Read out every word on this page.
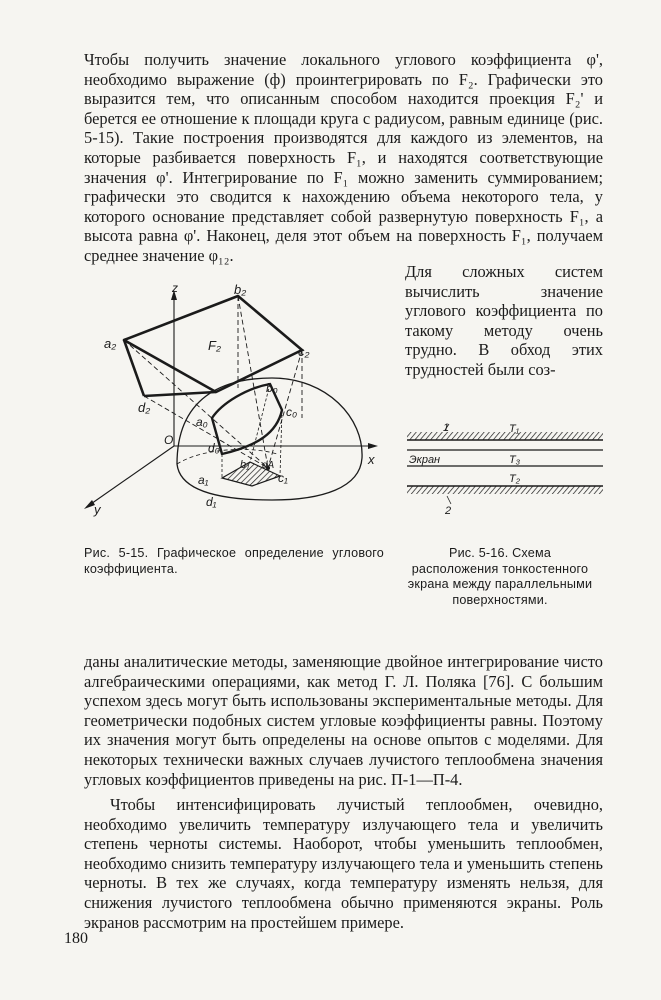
Чтобы получить значение локального углового коэффициента φ', необходимо выражение (ф) проинтегрировать по F₂. Графически это выразится тем, что описанным способом находится проекция F₂' и берется ее отношение к площади круга с радиусом, равным единице (рис. 5-15). Такие построения производятся для каждого из элементов, на которые разбивается поверхность F₁, и находятся соответствующие значения φ'. Интегрирование по F₁ можно заменить суммированием; графически это сводится к нахождению объема некоторого тела, у которого основание представляет собой развернутую поверхность F₁, а высота равна φ'. Наконец, деля этот объем на поверхность F₁, получаем среднее значение φ₁₂.
Для сложных систем вычислить значение углового коэффициента по такому методу очень трудно. В обход этих трудностей были соз-
z
x
y
O
a₂
b₂
c₂
d₂
F₂
a₀
b₀
c₀
d₀
a₁
b₁
c₁
d₁
dA
Рис. 5-15. Графическое определение углового коэффициента.
1
2
T₁
T₃
T₂
Экран
Рис. 5-16. Схема расположения тонкостенного экрана между параллельными поверхностями.
даны аналитические методы, заменяющие двойное интегрирование чисто алгебраическими операциями, как метод Г. Л. Поляка [76]. С большим успехом здесь могут быть использованы экспериментальные методы. Для геометрически подобных систем угловые коэффициенты равны. Поэтому их значения могут быть определены на основе опытов с моделями. Для некоторых технически важных случаев лучистого теплообмена значения угловых коэффициентов приведены на рис. П-1—П-4.
Чтобы интенсифицировать лучистый теплообмен, очевидно, необходимо увеличить температуру излучающего тела и увеличить степень черноты системы. Наоборот, чтобы уменьшить теплообмен, необходимо снизить температуру излучающего тела и уменьшить степень черноты. В тех же случаях, когда температуру изменять нельзя, для снижения лучистого теплообмена обычно применяются экраны. Роль экранов рассмотрим на простейшем примере.
180
